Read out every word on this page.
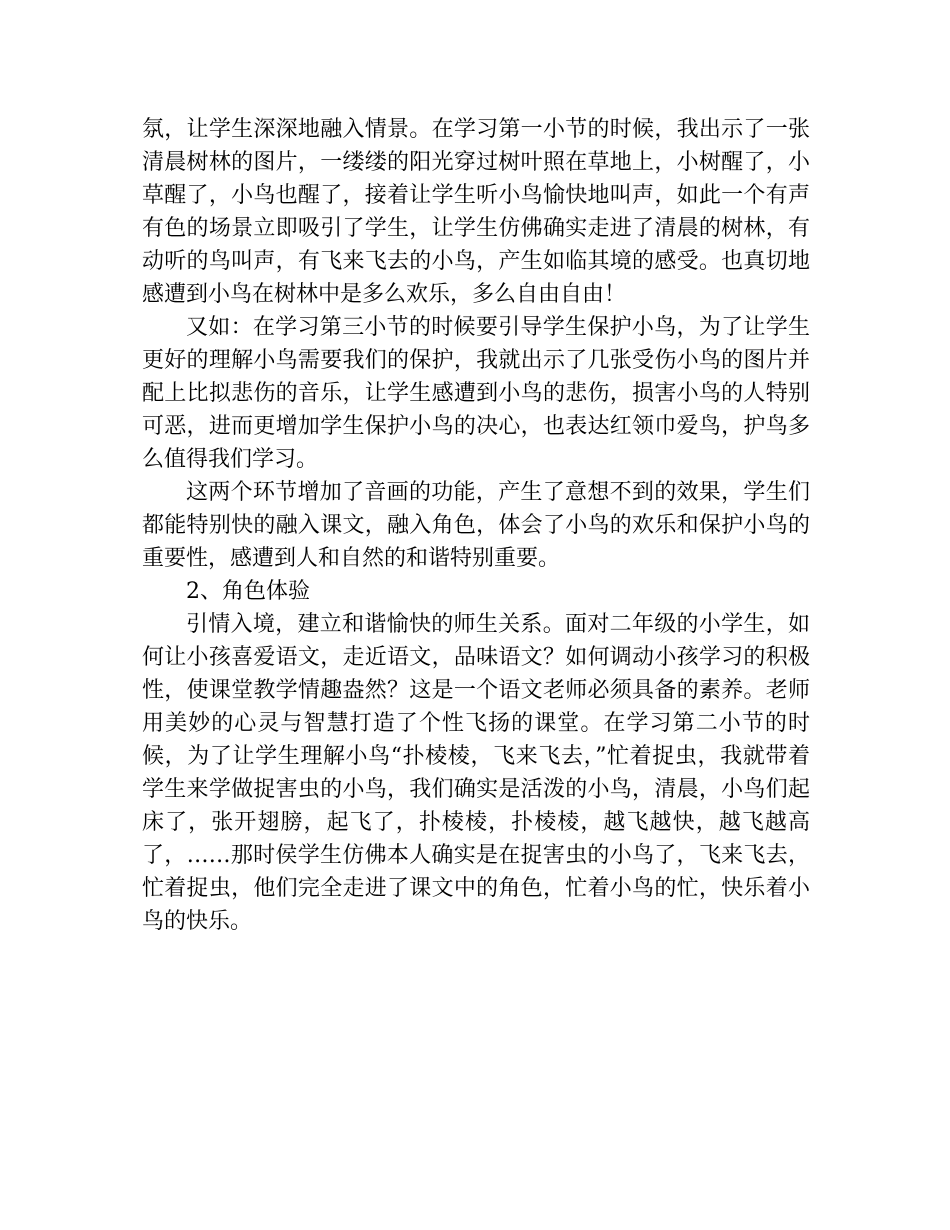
氛，让学生深深地融入情景。在学习第一小节的时候，我出示了一张清晨树林的图片，一缕缕的阳光穿过树叶照在草地上，小树醒了，小草醒了，小鸟也醒了，接着让学生听小鸟愉快地叫声，如此一个有声有色的场景立即吸引了学生，让学生仿佛确实走进了清晨的树林，有动听的鸟叫声，有飞来飞去的小鸟，产生如临其境的感受。也真切地感遭到小鸟在树林中是多么欢乐，多么自由自由！

又如：在学习第三小节的时候要引导学生保护小鸟，为了让学生更好的理解小鸟需要我们的保护，我就出示了几张受伤小鸟的图片并配上比拟悲伤的音乐，让学生感遭到小鸟的悲伤，损害小鸟的人特别可恶，进而更增加学生保护小鸟的决心，也表达红领巾爱鸟，护鸟多么值得我们学习。

这两个环节增加了音画的功能，产生了意想不到的效果，学生们都能特别快的融入课文，融入角色，体会了小鸟的欢乐和保护小鸟的重要性，感遭到人和自然的和谐特别重要。

2、角色体验

引情入境，建立和谐愉快的师生关系。面对二年级的小学生，如何让小孩喜爱语文，走近语文，品味语文？如何调动小孩学习的积极性，使课堂教学情趣盎然？这是一个语文老师必须具备的素养。老师用美妙的心灵与智慧打造了个性飞扬的课堂。在学习第二小节的时候，为了让学生理解小鸟“扑棱棱，飞来飞去，”忙着捉虫，我就带着学生来学做捉害虫的小鸟，我们确实是活泼的小鸟，清晨，小鸟们起床了，张开翅膀，起飞了，扑棱棱，扑棱棱，越飞越快，越飞越高了，……那时侯学生仿佛本人确实是在捉害虫的小鸟了，飞来飞去，忙着捉虫，他们完全走进了课文中的角色，忙着小鸟的忙，快乐着小鸟的快乐。
